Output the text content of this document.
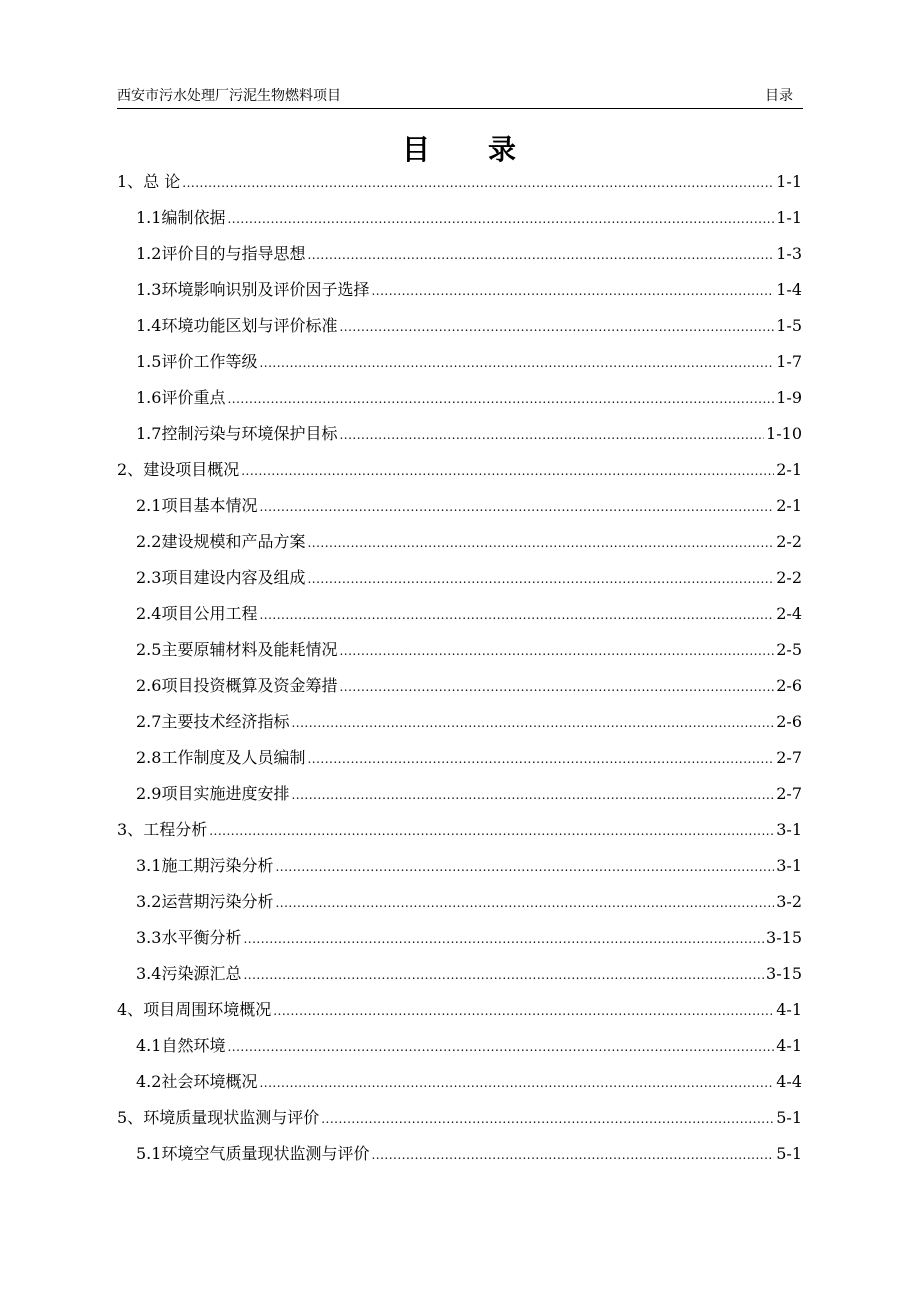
西安市污水处理厂污泥生物燃料项目	目录
目 录
1、 总 论 .....	1-1
1.1 编制依据 .....	1-1
1.2 评价目的与指导思想 .....	1-3
1.3 环境影响识别及评价因子选择 .....	1-4
1.4 环境功能区划与评价标准 .....	1-5
1.5 评价工作等级 .....	1-7
1.6 评价重点 .....	1-9
1.7 控制污染与环境保护目标 .....	1-10
2、 建设项目概况 .....	2-1
2.1 项目基本情况 .....	2-1
2.2 建设规模和产品方案 .....	2-2
2.3 项目建设内容及组成 .....	2-2
2.4 项目公用工程 .....	2-4
2.5 主要原辅材料及能耗情况 .....	2-5
2.6 项目投资概算及资金筹措 .....	2-6
2.7 主要技术经济指标 .....	2-6
2.8 工作制度及人员编制 .....	2-7
2.9 项目实施进度安排 .....	2-7
3、 工程分析 .....	3-1
3.1 施工期污染分析 .....	3-1
3.2 运营期污染分析 .....	3-2
3.3 水平衡分析 .....	3-15
3.4 污染源汇总 .....	3-15
4、 项目周围环境概况 .....	4-1
4.1 自然环境 .....	4-1
4.2 社会环境概况 .....	4-4
5、 环境质量现状监测与评价 .....	5-1
5.1 环境空气质量现状监测与评价 .....	5-1
